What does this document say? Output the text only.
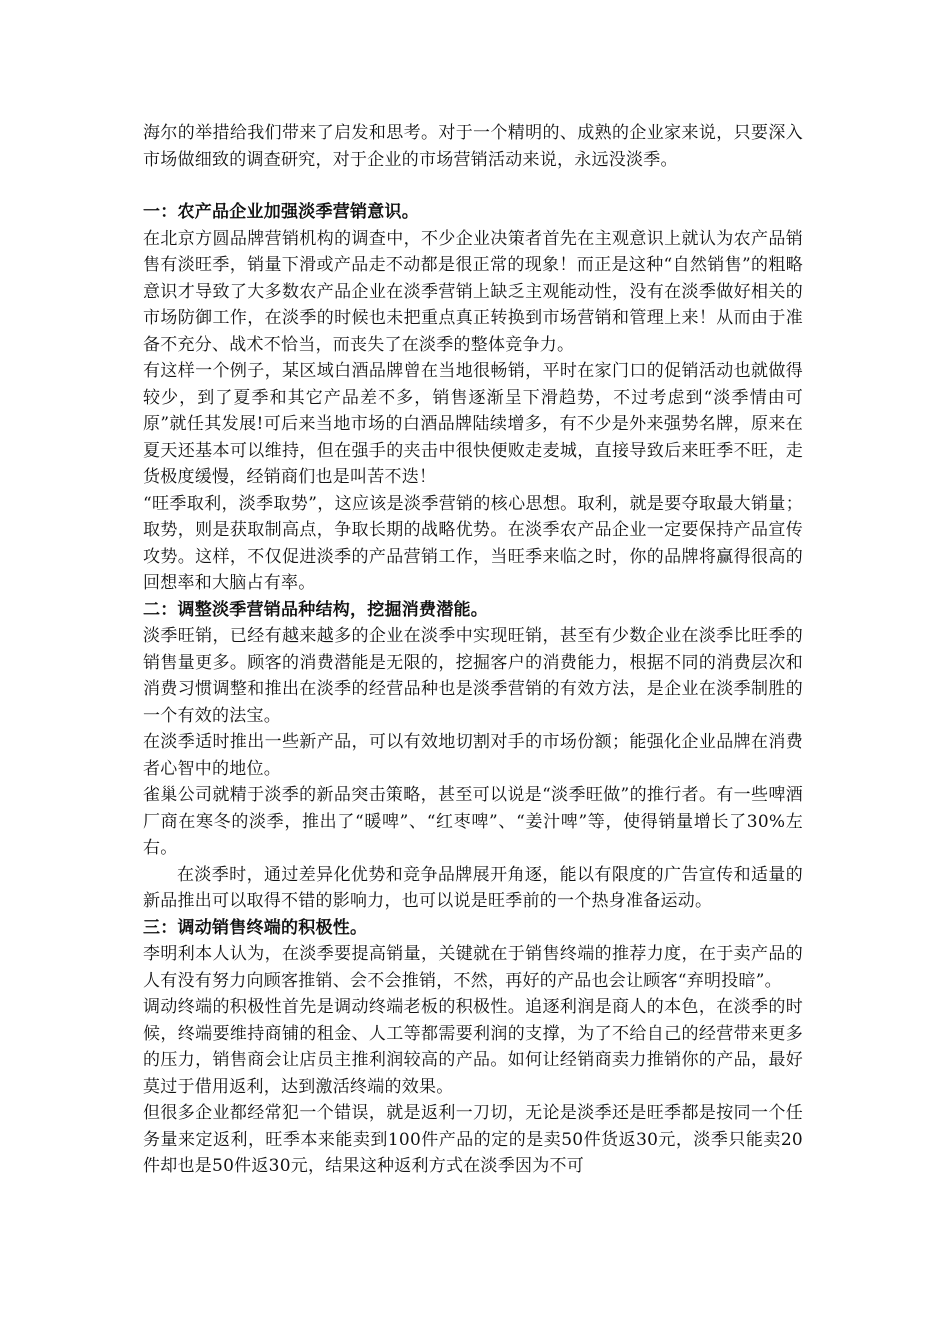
海尔的举措给我们带来了启发和思考。对于一个精明的、成熟的企业家来说，只要深入市场做细致的调查研究，对于企业的市场营销活动来说，永远没淡季。

一：农产品企业加强淡季营销意识。

在北京方圆品牌营销机构的调查中，不少企业决策者首先在主观意识上就认为农产品销售有淡旺季，销量下滑或产品走不动都是很正常的现象！而正是这种“自然销售”的粗略意识才导致了大多数农产品企业在淡季营销上缺乏主观能动性，没有在淡季做好相关的市场防御工作，在淡季的时候也未把重点真正转换到市场营销和管理上来！从而由于准备不充分、战术不恰当，而丧失了在淡季的整体竞争力。

有这样一个例子，某区域白酒品牌曾在当地很畅销，平时在家门口的促销活动也就做得较少，到了夏季和其它产品差不多，销售逐渐呈下滑趋势，不过考虑到“淡季情由可原”就任其发展!可后来当地市场的白酒品牌陆续增多，有不少是外来强势名牌，原来在夏天还基本可以维持，但在强手的夹击中很快便败走麦城，直接导致后来旺季不旺，走货极度缓慢，经销商们也是叫苦不迭！

“旺季取利，淡季取势”，这应该是淡季营销的核心思想。取利，就是要夺取最大销量；取势，则是获取制高点，争取长期的战略优势。在淡季农产品企业一定要保持产品宣传攻势。这样，不仅促进淡季的产品营销工作，当旺季来临之时，你的品牌将赢得很高的回想率和大脑占有率。

二：调整淡季营销品种结构，挖掘消费潜能。

淡季旺销，已经有越来越多的企业在淡季中实现旺销，甚至有少数企业在淡季比旺季的销售量更多。顾客的消费潜能是无限的，挖掘客户的消费能力，根据不同的消费层次和消费习惯调整和推出在淡季的经营品种也是淡季营销的有效方法，是企业在淡季制胜的一个有效的法宝。

在淡季适时推出一些新产品，可以有效地切割对手的市场份额；能强化企业品牌在消费者心智中的地位。

雀巢公司就精于淡季的新品突击策略，甚至可以说是“淡季旺做”的推行者。有一些啤酒厂商在寒冬的淡季，推出了“暖啤”、“红枣啤”、“姜汁啤”等，使得销量增长了30%左右。

在淡季时，通过差异化优势和竞争品牌展开角逐，能以有限度的广告宣传和适量的新品推出可以取得不错的影响力，也可以说是旺季前的一个热身准备运动。

三：调动销售终端的积极性。

李明利本人认为，在淡季要提高销量，关键就在于销售终端的推荐力度，在于卖产品的人有没有努力向顾客推销、会不会推销，不然，再好的产品也会让顾客“弃明投暗”。

调动终端的积极性首先是调动终端老板的积极性。追逐利润是商人的本色，在淡季的时候，终端要维持商铺的租金、人工等都需要利润的支撑，为了不给自己的经营带来更多的压力，销售商会让店员主推利润较高的产品。如何让经销商卖力推销你的产品，最好莫过于借用返利，达到激活终端的效果。

但很多企业都经常犯一个错误，就是返利一刀切，无论是淡季还是旺季都是按同一个任务量来定返利，旺季本来能卖到100件产品的定的是卖50件货返30元，淡季只能卖20件却也是50件返30元，结果这种返利方式在淡季因为不可
